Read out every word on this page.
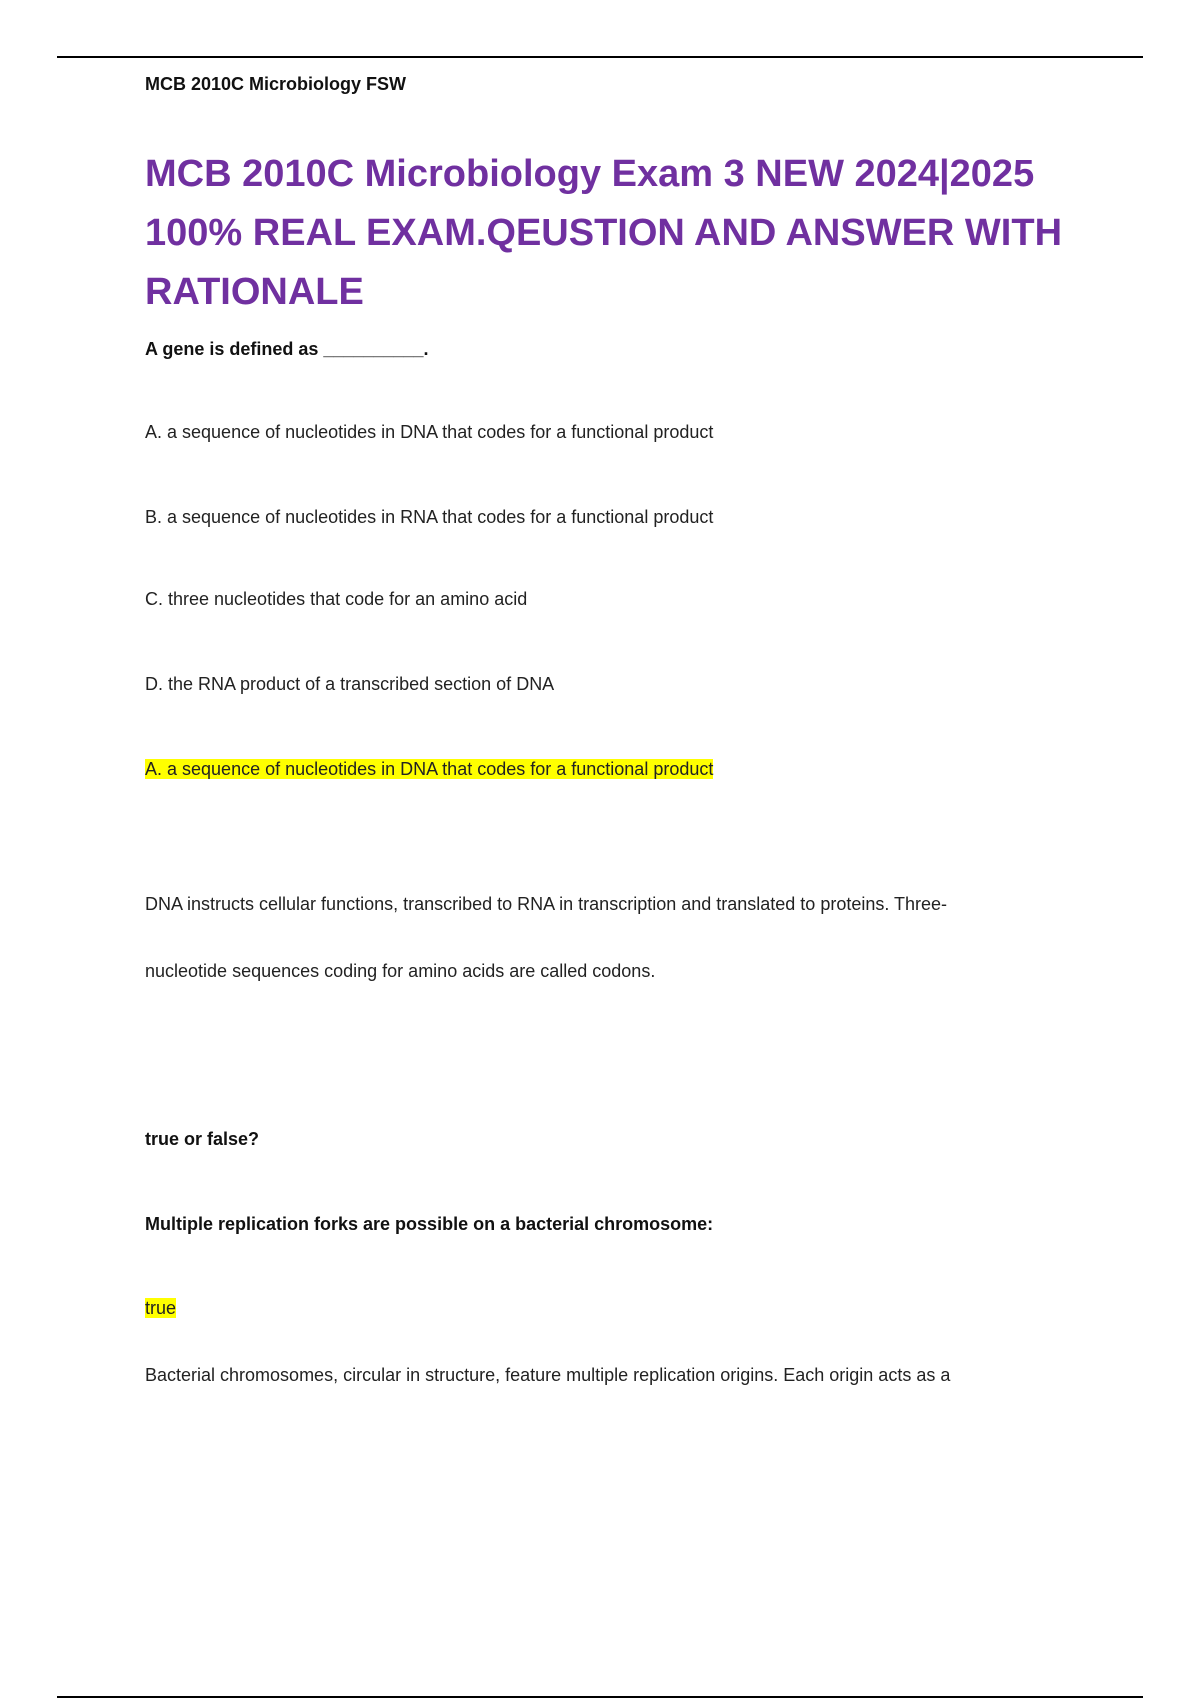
MCB 2010C Microbiology FSW
MCB 2010C Microbiology Exam 3 NEW 2024|2025
100% REAL EXAM.QEUSTION AND ANSWER WITH
RATIONALE
A gene is defined as __________.
A. a sequence of nucleotides in DNA that codes for a functional product
B. a sequence of nucleotides in RNA that codes for a functional product
C. three nucleotides that code for an amino acid
D. the RNA product of a transcribed section of DNA
A. a sequence of nucleotides in DNA that codes for a functional product
DNA instructs cellular functions, transcribed to RNA in transcription and translated to proteins. Three-
nucleotide sequences coding for amino acids are called codons.
true or false?
Multiple replication forks are possible on a bacterial chromosome:
true
Bacterial chromosomes, circular in structure, feature multiple replication origins. Each origin acts as a
